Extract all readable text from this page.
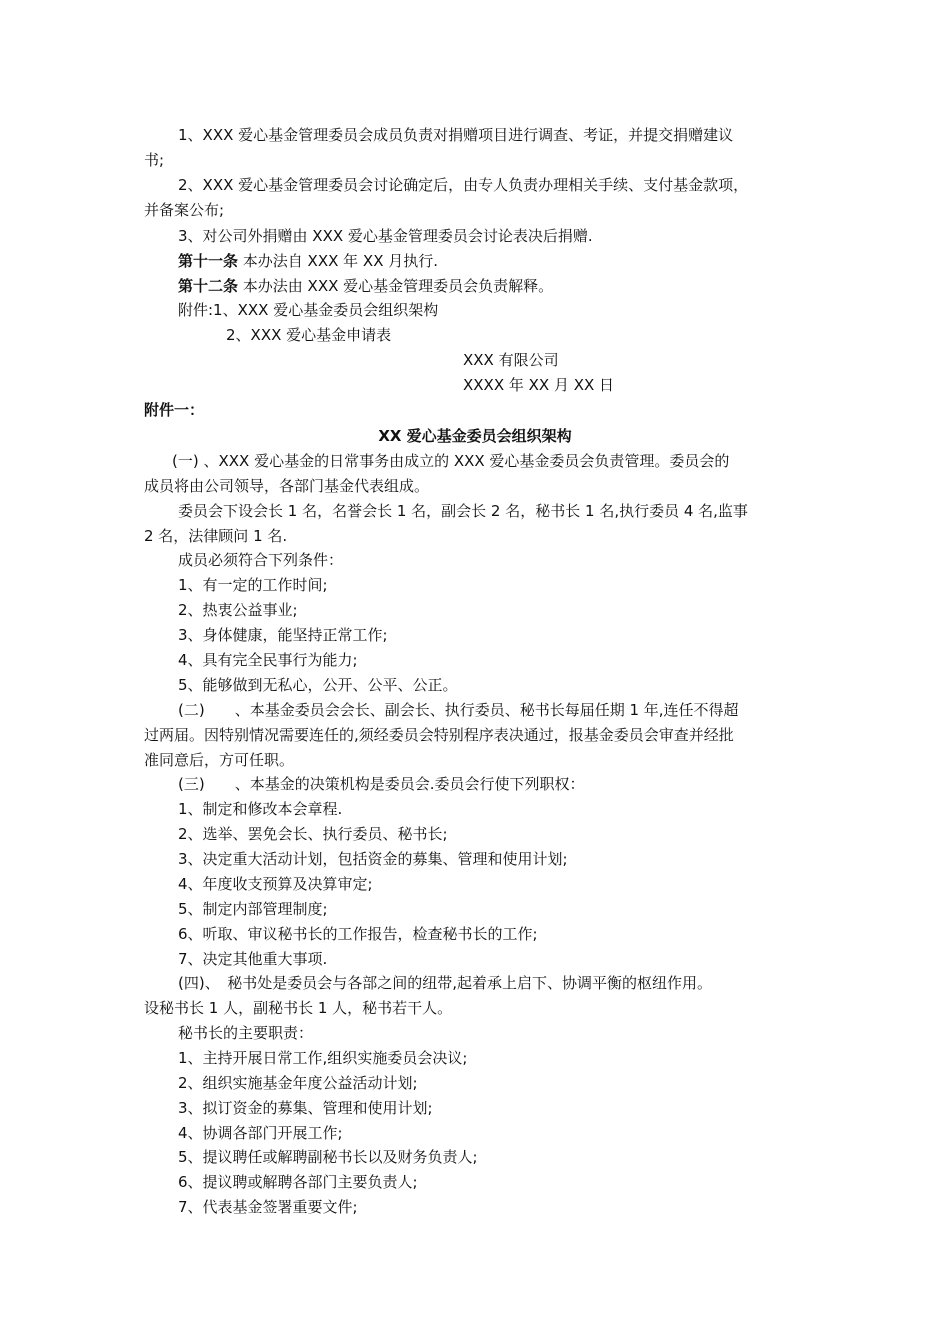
1、XXX 爱心基金管理委员会成员负责对捐赠项目进行调查、考证，并提交捐赠建议
书;
2、XXX 爱心基金管理委员会讨论确定后，由专人负责办理相关手续、支付基金款项，
并备案公布;
3、对公司外捐赠由 XXX 爱心基金管理委员会讨论表决后捐赠.
第十一条 本办法自 XXX 年 XX 月执行.
第十二条 本办法由 XXX 爱心基金管理委员会负责解释。
附件:1、XXX 爱心基金委员会组织架构
2、XXX 爱心基金申请表
XXX 有限公司
XXXX 年 XX 月 XX 日
附件一：
XX 爱心基金委员会组织架构
(一) 、XXX 爱心基金的日常事务由成立的 XXX 爱心基金委员会负责管理。委员会的
成员将由公司领导，各部门基金代表组成。
委员会下设会长 1 名，名誉会长 1 名，副会长 2 名，秘书长 1 名,执行委员 4 名,监事
2 名，法律顾问 1 名.
成员必须符合下列条件：
1、有一定的工作时间;
2、热衷公益事业;
3、身体健康，能坚持正常工作;
4、具有完全民事行为能力;
5、能够做到无私心，公开、公平、公正。
(二)　　、本基金委员会会长、副会长、执行委员、秘书长每届任期 1 年,连任不得超
过两届。因特别情况需要连任的,须经委员会特别程序表决通过，报基金委员会审查并经批
准同意后，方可任职。
(三)　　、本基金的决策机构是委员会.委员会行使下列职权：
1、制定和修改本会章程.
2、选举、罢免会长、执行委员、秘书长;
3、决定重大活动计划，包括资金的募集、管理和使用计划;
4、年度收支预算及决算审定;
5、制定内部管理制度;
6、听取、审议秘书长的工作报告，检查秘书长的工作;
7、决定其他重大事项.
(四)、　秘书处是委员会与各部之间的纽带,起着承上启下、协调平衡的枢纽作用。
设秘书长 1 人，副秘书长 1 人，秘书若干人。
秘书长的主要职责：
1、主持开展日常工作,组织实施委员会决议;
2、组织实施基金年度公益活动计划;
3、拟订资金的募集、管理和使用计划;
4、协调各部门开展工作;
5、提议聘任或解聘副秘书长以及财务负责人;
6、提议聘或解聘各部门主要负责人;
7、代表基金签署重要文件;
